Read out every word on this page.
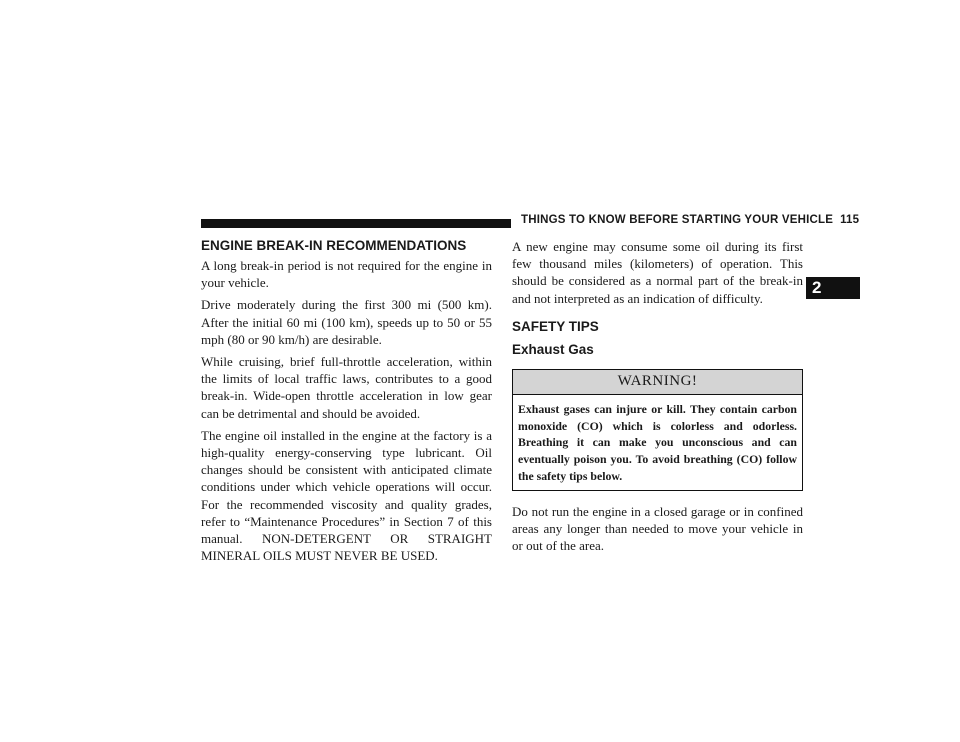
THINGS TO KNOW BEFORE STARTING YOUR VEHICLE 115
ENGINE BREAK-IN RECOMMENDATIONS

A long break-in period is not required for the engine in your vehicle.

Drive moderately during the first 300 mi (500 km). After the initial 60 mi (100 km), speeds up to 50 or 55 mph (80 or 90 km/h) are desirable.

While cruising, brief full-throttle acceleration, within the limits of local traffic laws, contributes to a good break-in. Wide-open throttle acceleration in low gear can be detrimental and should be avoided.

The engine oil installed in the engine at the factory is a high-quality energy-conserving type lubricant. Oil changes should be consistent with anticipated climate conditions under which vehicle operations will occur. For the recommended viscosity and quality grades, refer to “Maintenance Procedures” in Section 7 of this manual. NON-DETERGENT OR STRAIGHT MINERAL OILS MUST NEVER BE USED.

A new engine may consume some oil during its first few thousand miles (kilometers) of operation. This should be considered as a normal part of the break-in and not interpreted as an indication of difficulty.

SAFETY TIPS
Exhaust Gas
WARNING!
Exhaust gases can injure or kill. They contain carbon monoxide (CO) which is colorless and odorless. Breathing it can make you unconscious and can eventually poison you. To avoid breathing (CO) follow the safety tips below.

Do not run the engine in a closed garage or in confined areas any longer than needed to move your vehicle in or out of the area.

2
